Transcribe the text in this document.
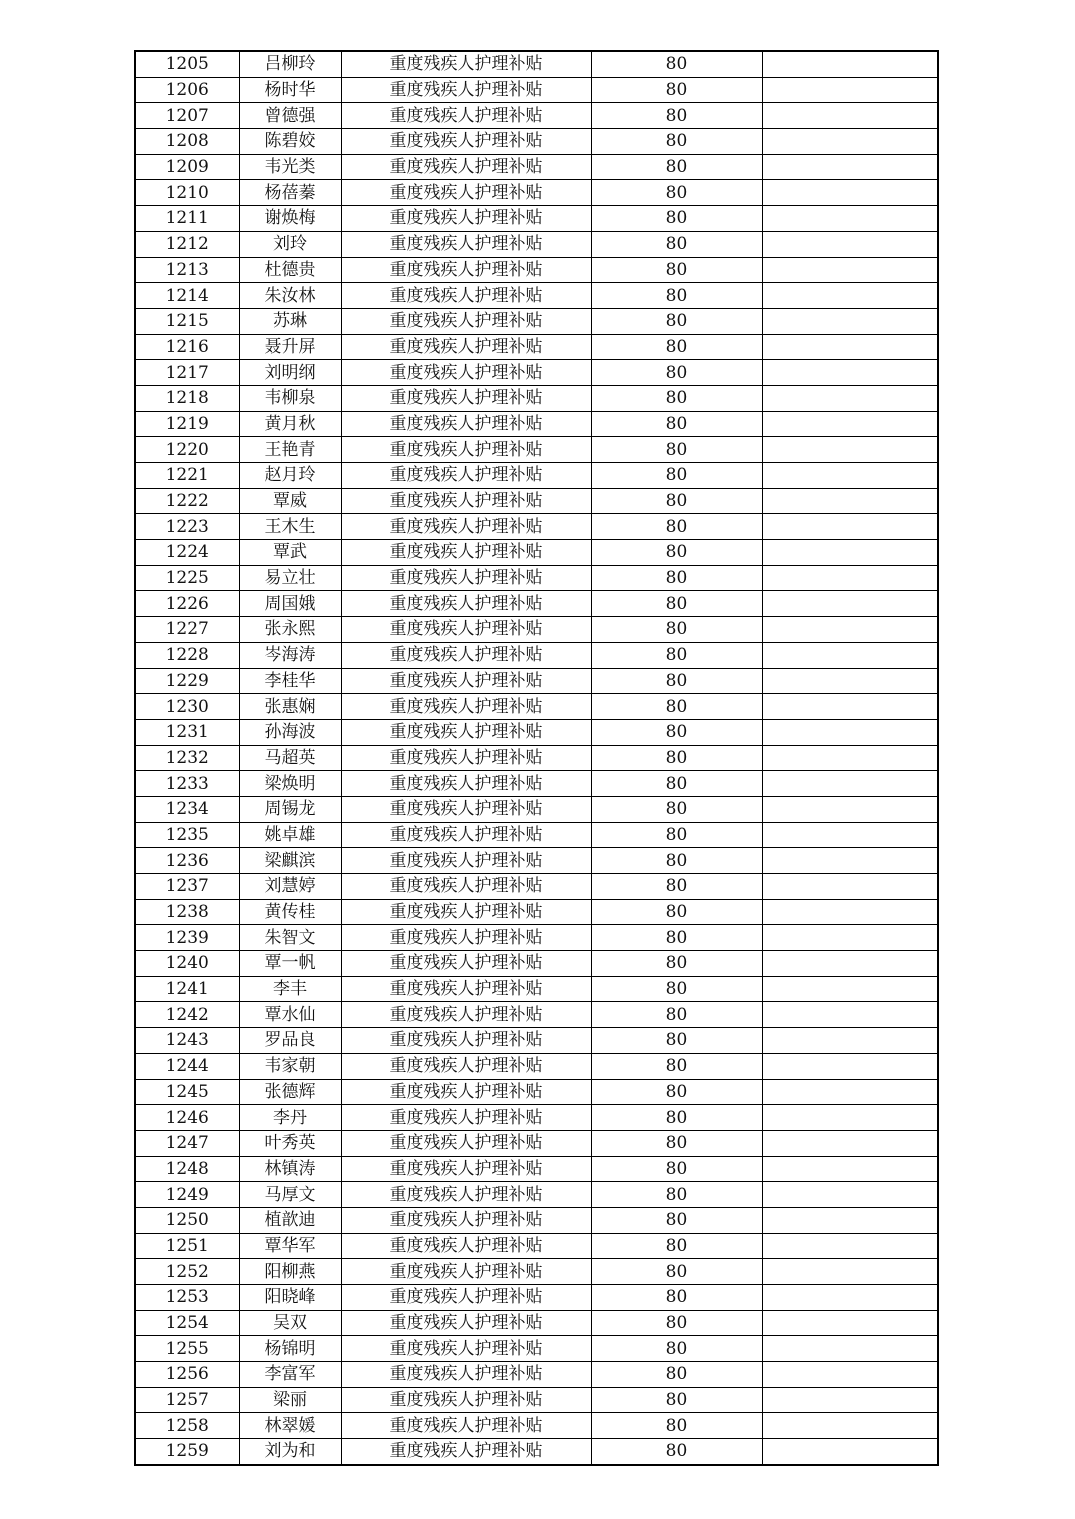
1205	吕柳玲	重度残疾人护理补贴	80	
1206	杨时华	重度残疾人护理补贴	80	
1207	曾德强	重度残疾人护理补贴	80	
1208	陈碧姣	重度残疾人护理补贴	80	
1209	韦光类	重度残疾人护理补贴	80	
1210	杨蓓蓁	重度残疾人护理补贴	80	
1211	谢焕梅	重度残疾人护理补贴	80	
1212	刘玲	重度残疾人护理补贴	80	
1213	杜德贵	重度残疾人护理补贴	80	
1214	朱汝林	重度残疾人护理补贴	80	
1215	苏琳	重度残疾人护理补贴	80	
1216	聂升屏	重度残疾人护理补贴	80	
1217	刘明纲	重度残疾人护理补贴	80	
1218	韦柳泉	重度残疾人护理补贴	80	
1219	黄月秋	重度残疾人护理补贴	80	
1220	王艳青	重度残疾人护理补贴	80	
1221	赵月玲	重度残疾人护理补贴	80	
1222	覃威	重度残疾人护理补贴	80	
1223	王木生	重度残疾人护理补贴	80	
1224	覃武	重度残疾人护理补贴	80	
1225	易立壮	重度残疾人护理补贴	80	
1226	周国娥	重度残疾人护理补贴	80	
1227	张永熙	重度残疾人护理补贴	80	
1228	岑海涛	重度残疾人护理补贴	80	
1229	李桂华	重度残疾人护理补贴	80	
1230	张惠娴	重度残疾人护理补贴	80	
1231	孙海波	重度残疾人护理补贴	80	
1232	马超英	重度残疾人护理补贴	80	
1233	梁焕明	重度残疾人护理补贴	80	
1234	周锡龙	重度残疾人护理补贴	80	
1235	姚卓雄	重度残疾人护理补贴	80	
1236	梁麒滨	重度残疾人护理补贴	80	
1237	刘慧婷	重度残疾人护理补贴	80	
1238	黄传桂	重度残疾人护理补贴	80	
1239	朱智文	重度残疾人护理补贴	80	
1240	覃一帆	重度残疾人护理补贴	80	
1241	李丰	重度残疾人护理补贴	80	
1242	覃水仙	重度残疾人护理补贴	80	
1243	罗品良	重度残疾人护理补贴	80	
1244	韦家朝	重度残疾人护理补贴	80	
1245	张德辉	重度残疾人护理补贴	80	
1246	李丹	重度残疾人护理补贴	80	
1247	叶秀英	重度残疾人护理补贴	80	
1248	林镇涛	重度残疾人护理补贴	80	
1249	马厚文	重度残疾人护理补贴	80	
1250	植歆迪	重度残疾人护理补贴	80	
1251	覃华军	重度残疾人护理补贴	80	
1252	阳柳燕	重度残疾人护理补贴	80	
1253	阳晓峰	重度残疾人护理补贴	80	
1254	吴双	重度残疾人护理补贴	80	
1255	杨锦明	重度残疾人护理补贴	80	
1256	李富军	重度残疾人护理补贴	80	
1257	梁丽	重度残疾人护理补贴	80	
1258	林翠媛	重度残疾人护理补贴	80	
1259	刘为和	重度残疾人护理补贴	80	
